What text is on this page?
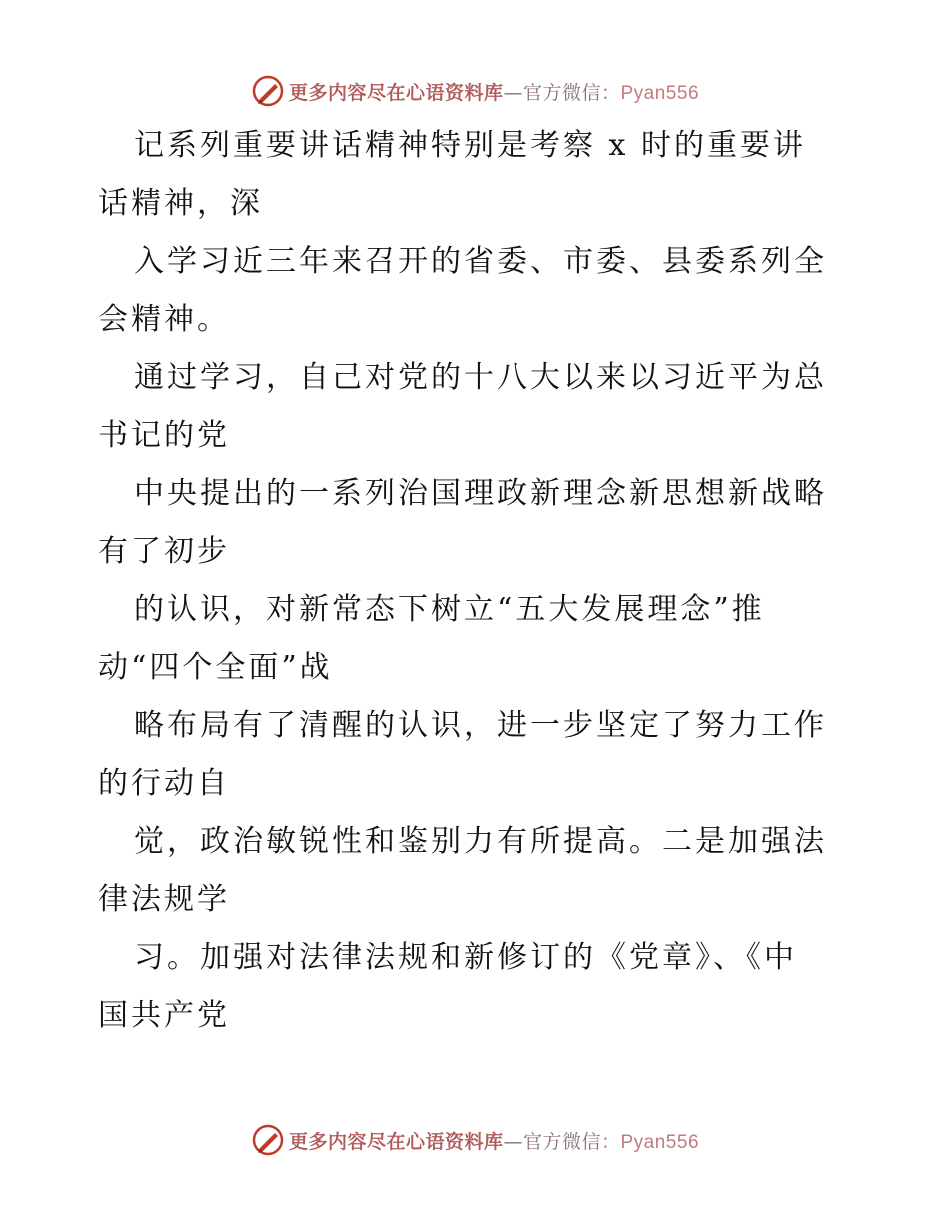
更多内容尽在心语资料库—官方微信：Pyan556

记系列重要讲话精神特别是考察 x 时的重要讲
话精神，深

入学习近三年来召开的省委、市委、县委系列全
会精神。

通过学习，自己对党的十八大以来以习近平为总
书记的党

中央提出的一系列治国理政新理念新思想新战略
有了初步

的认识，对新常态下树立“五大发展理念”推
动“四个全面”战

略布局有了清醒的认识，进一步坚定了努力工作
的行动自

觉，政治敏锐性和鉴别力有所提高。二是加强法
律法规学

习。加强对法律法规和新修订的《党章》、《中
国共产党

更多内容尽在心语资料库—官方微信：Pyan556
